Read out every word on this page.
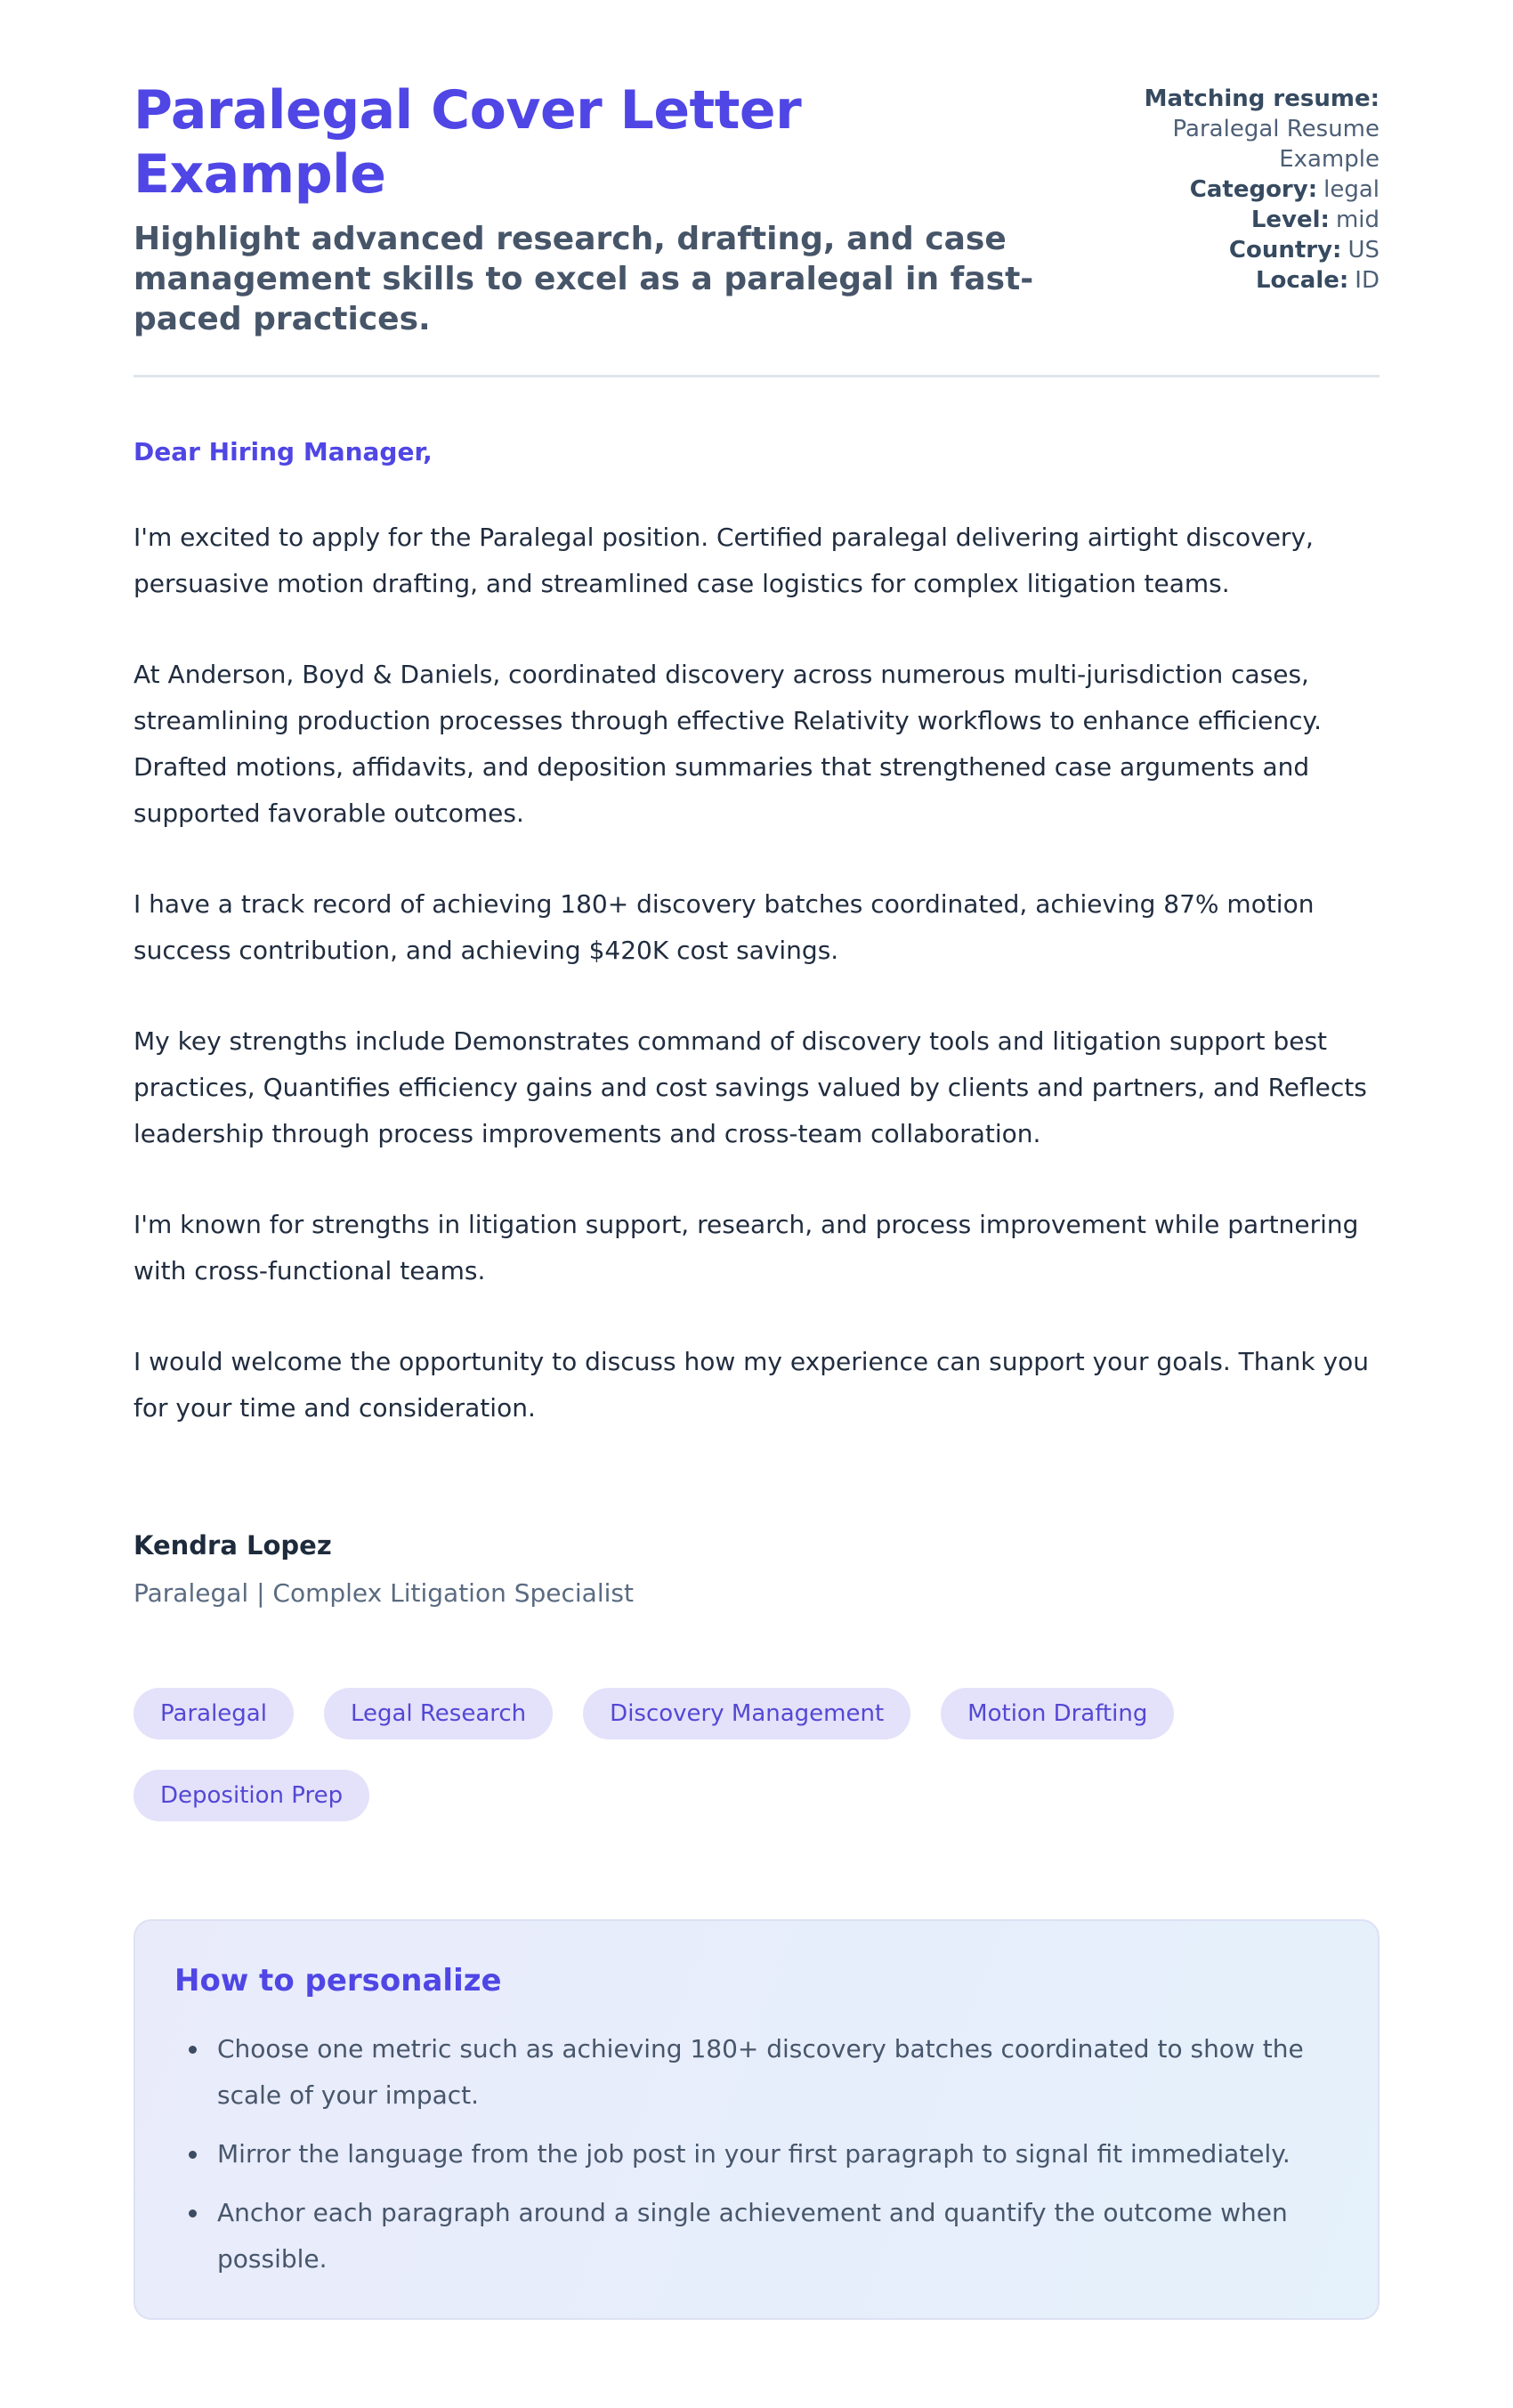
Paralegal Cover Letter Example
Highlight advanced research, drafting, and case management skills to excel as a paralegal in fast-paced practices.
Matching resume:
Paralegal Resume Example
Category: legal
Level: mid
Country: US
Locale: ID
Dear Hiring Manager,

I'm excited to apply for the Paralegal position. Certified paralegal delivering airtight discovery, persuasive motion drafting, and streamlined case logistics for complex litigation teams.

At Anderson, Boyd & Daniels, coordinated discovery across numerous multi-jurisdiction cases, streamlining production processes through effective Relativity workflows to enhance efficiency. Drafted motions, affidavits, and deposition summaries that strengthened case arguments and supported favorable outcomes.

I have a track record of achieving 180+ discovery batches coordinated, achieving 87% motion success contribution, and achieving $420K cost savings.

My key strengths include Demonstrates command of discovery tools and litigation support best practices, Quantifies efficiency gains and cost savings valued by clients and partners, and Reflects leadership through process improvements and cross-team collaboration.

I'm known for strengths in litigation support, research, and process improvement while partnering with cross-functional teams.

I would welcome the opportunity to discuss how my experience can support your goals. Thank you for your time and consideration.

Kendra Lopez
Paralegal | Complex Litigation Specialist
Paralegal	Legal Research	Discovery Management	Motion Drafting
Deposition Prep
How to personalize
• Choose one metric such as achieving 180+ discovery batches coordinated to show the scale of your impact.
• Mirror the language from the job post in your first paragraph to signal fit immediately.
• Anchor each paragraph around a single achievement and quantify the outcome when possible.
